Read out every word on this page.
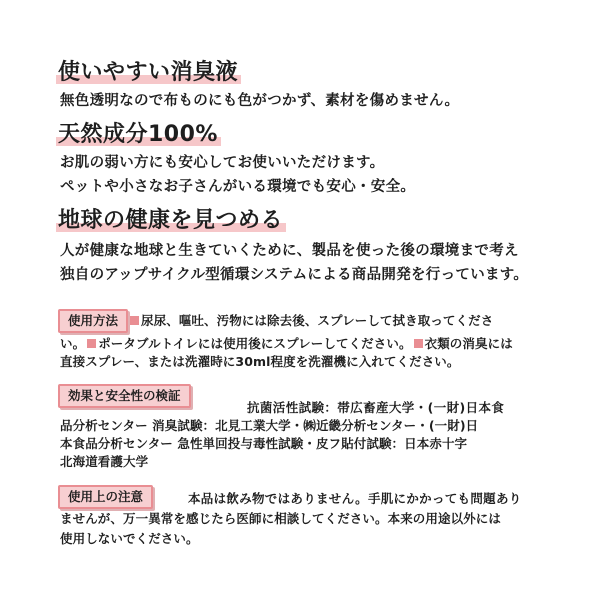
使いやすい消臭液
無色透明なので布ものにも色がつかず、素材を傷めません。
天然成分100%
お肌の弱い方にも安心してお使いいただけます。
ペットや小さなお子さんがいる環境でも安心・安全。
地球の健康を見つめる
人が健康な地球と生きていくために、製品を使った後の環境まで考え
独自のアップサイクル型循環システムによる商品開発を行っています。
使用方法 尿尿、嘔吐、汚物には除去後、スプレーして拭き取ってくださ
い。 ポータブルトイレには使用後にスプレーしてください。 衣類の消臭には
直接スプレー、または洗濯時に30ml程度を洗濯機に入れてください。
効果と安全性の検証
抗菌活性試験：帯広畜産大学・(一財)日本食
品分析センター 消臭試験：北見工業大学・㈱近畿分析センター・(一財)日
本食品分析センター 急性単回投与毒性試験・皮フ貼付試験：日本赤十字
北海道看護大学
使用上の注意	本品は飲み物ではありません。手肌にかかっても問題あり
ませんが、万一異常を感じたら医師に相談してください。本来の用途以外には
使用しないでください。
